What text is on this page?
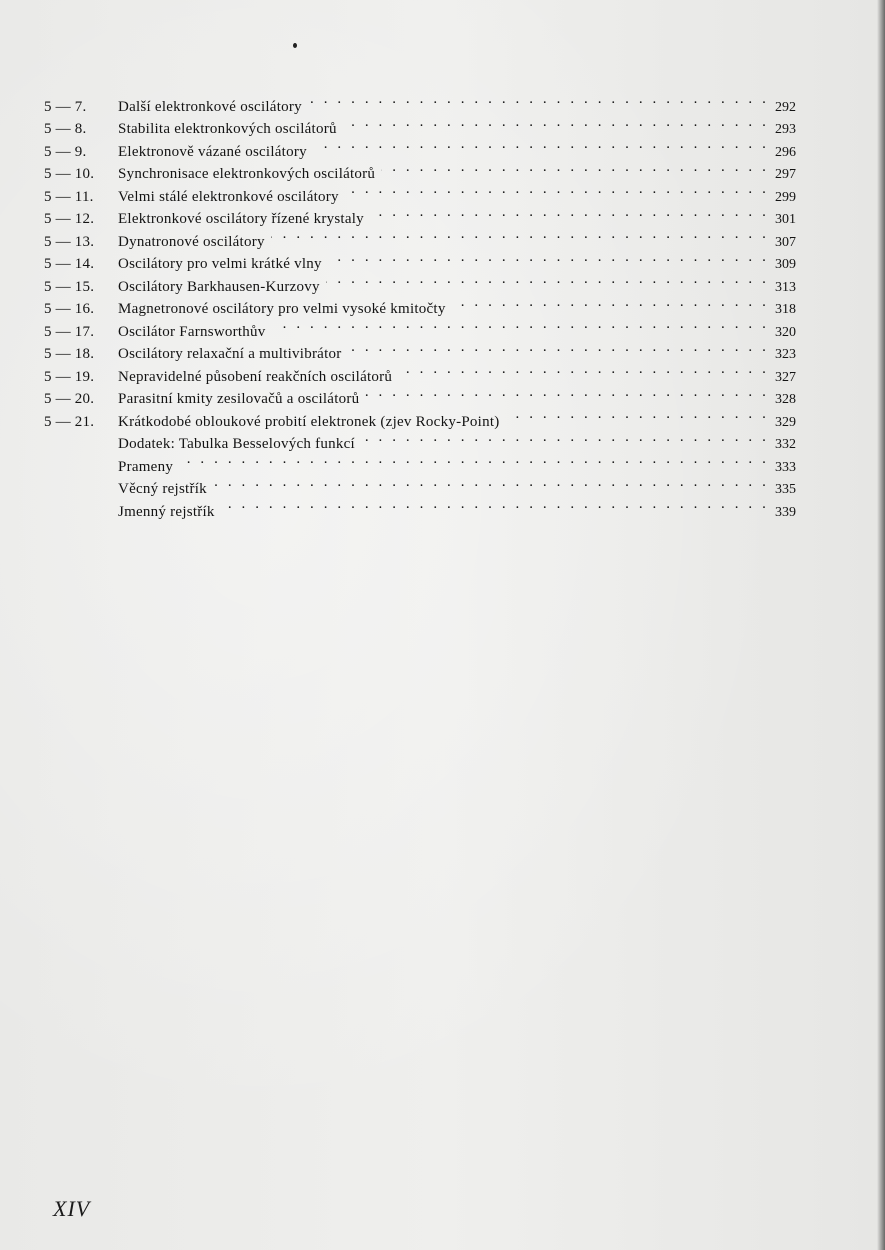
5 — 7.	Další elektronkové oscilátory . . .	292
5 — 8.	Stabilita elektronkových oscilátorů . . .	293
5 — 9.	Elektronově vázané oscilátory . . .	296
5 — 10.	Synchronisace elektronkových oscilátorů . . .	297
5 — 11.	Velmi stálé elektronkové oscilátory . . .	299
5 — 12.	Elektronkové oscilátory řízené krystaly . . .	301
5 — 13.	Dynatronové oscilátory . . .	307
5 — 14.	Oscilátory pro velmi krátké vlny . . .	309
5 — 15.	Oscilátory Barkhausen-Kurzovy . . .	313
5 — 16.	Magnetronové oscilátory pro velmi vysoké kmitočty . . .	318
5 — 17.	Oscilátor Farnsworthův . . .	320
5 — 18.	Oscilátory relaxační a multivibrátor . . .	323
5 — 19.	Nepravidelné působení reakčních oscilátorů . . .	327
5 — 20.	Parasitní kmity zesilovačů a oscilátorů . . .	328
5 — 21.	Krátkodobé obloukové probití elektronek (zjev Rocky-Point) . . .	329
Dodatek: Tabulka Besselových funkcí . . .	332
Prameny . . .	333
Věcný rejstřík . . .	335
Jmenný rejstřík . . .	339
XIV
